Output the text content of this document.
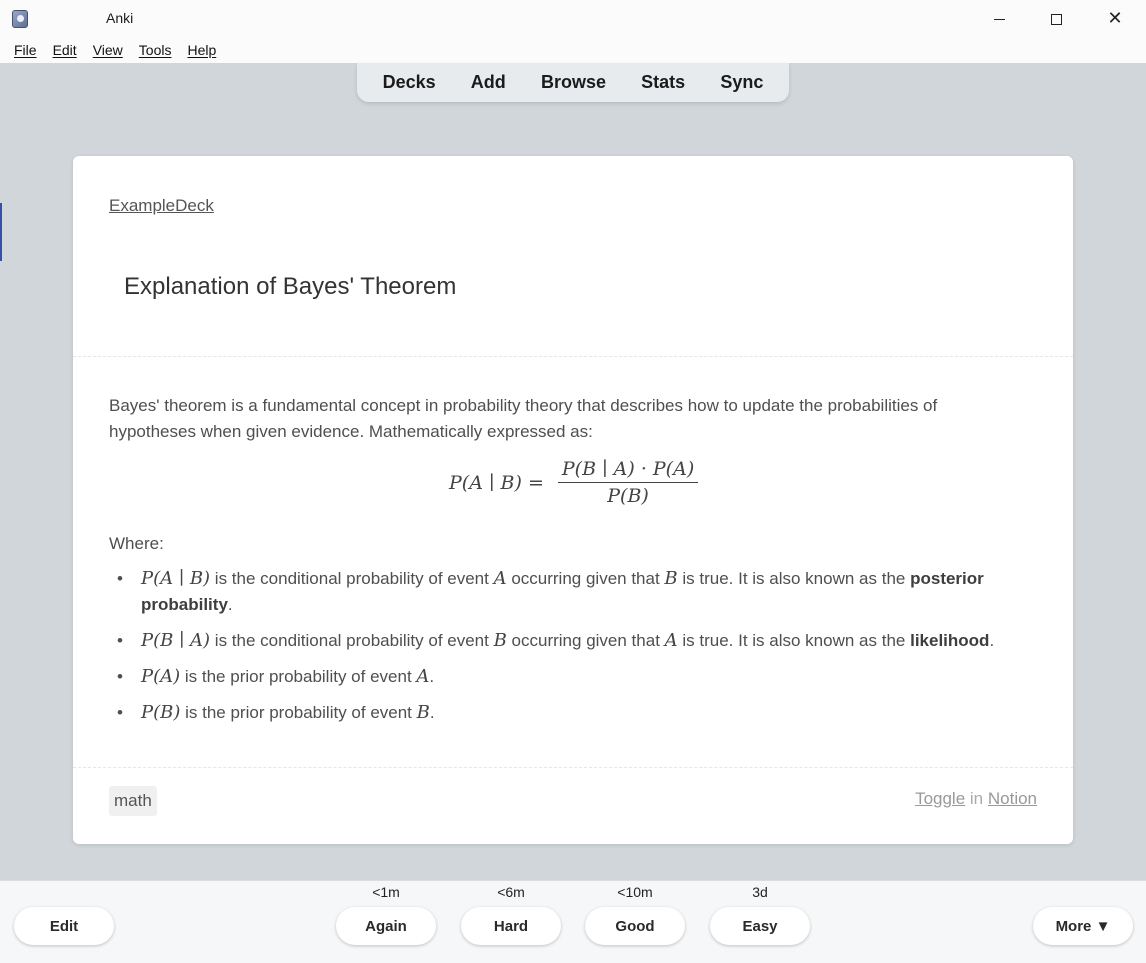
Anki	✕
File	Edit	View	Tools	Help
Decks	Add	Browse	Stats	Sync
ExampleDeck
Explanation of Bayes' Theorem

Bayes' theorem is a fundamental concept in probability theory that describes how to update the probabilities of hypotheses when given evidence. Mathematically expressed as:

P(A ∣ $B) = \frac{P(B ∣ A) \cdot P(A)}{P(B)}$
Where:
• P(A ∣ B) is the conditional probability of event A occurring given that B is true. It is also known as the posterior probability.
• P(B ∣ A) is the conditional probability of event B occurring given that A is true. It is also known as the likelihood.
• P(A) is the prior probability of event A.
• P(B) is the prior probability of event B.
math	Toggle in Notion
<1m	<6m	<10m	3d
Edit	Again	Hard	Good	Easy	More ▼
